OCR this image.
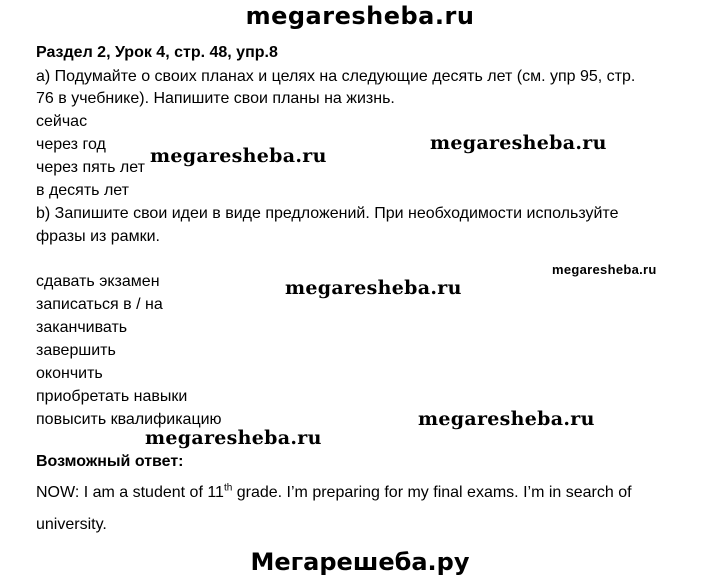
megaresheba.ru
Раздел 2, Урок 4, стр. 48, упр.8
a) Подумайте о своих планах и целях на следующие десять лет (см. упр 95, стр.
76 в учебнике). Напишите свои планы на жизнь.
сейчас
через год
через пять лет
в десять лет
b) Запишите свои идеи в виде предложений. При необходимости используйте
фразы из рамки.
сдавать экзамен
записаться в / на
заканчивать
завершить
окончить
приобретать навыки
повысить квалификацию
megaresheba.ru
megaresheba.ru
megaresheba.ru
megaresheba.ru
megaresheba.ru
megaresheba.ru
Возможный ответ:
NOW: I am a student of 11th grade. I’m preparing for my final exams. I’m in search of university.
Мегарешеба.ру
